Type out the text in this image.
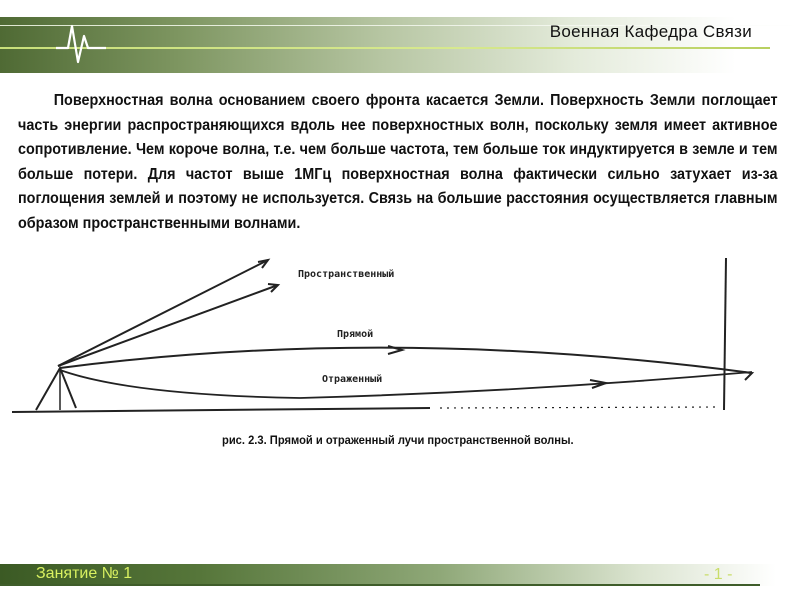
Военная Кафедра Связи

Поверхностная волна основанием своего фронта касается Земли. Поверхность Земли поглощает часть энергии распространяющихся вдоль нее поверхностных волн, поскольку земля имеет активное сопротивление. Чем короче волна, т.е. чем больше частота, тем больше ток индуктируется в земле и тем больше потери. Для частот выше 1МГц поверхностная волна фактически сильно затухает из-за поглощения землей и поэтому не используется. Связь на большие расстояния осуществляется главным образом пространственными волнами.

Пространственный
Прямой
Отраженный
рис. 2.3. Прямой и отраженный лучи пространственной волны.
Занятие № 1	- 1 -
